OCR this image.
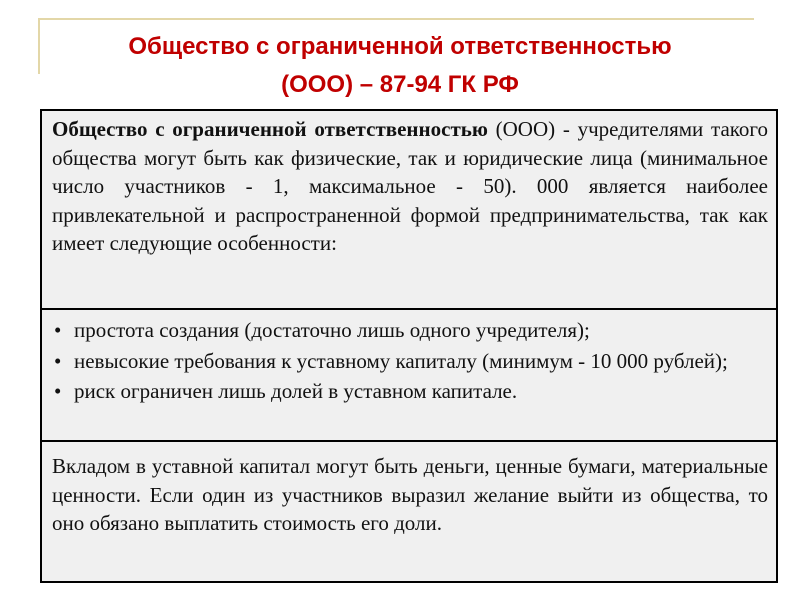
Общество с ограниченной ответственностью
(ООО) – 87-94 ГК РФ
Общество с ограниченной ответственностью (ООО) - учредителями такого общества могут быть как физические, так и юридические лица (минимальное число участников - 1, максимальное - 50). 000 является наиболее привлекательной и распространенной формой предпринимательства, так как имеет следующие особенности:
• простота создания (достаточно лишь одного учредителя);
• невысокие требования к уставному капиталу (минимум - 10 000 рублей);
• риск ограничен лишь долей в уставном капитале.
Вкладом в уставной капитал могут быть деньги, ценные бумаги, материальные ценности. Если один из участников выразил желание выйти из общества, то оно обязано выплатить стоимость его доли.
